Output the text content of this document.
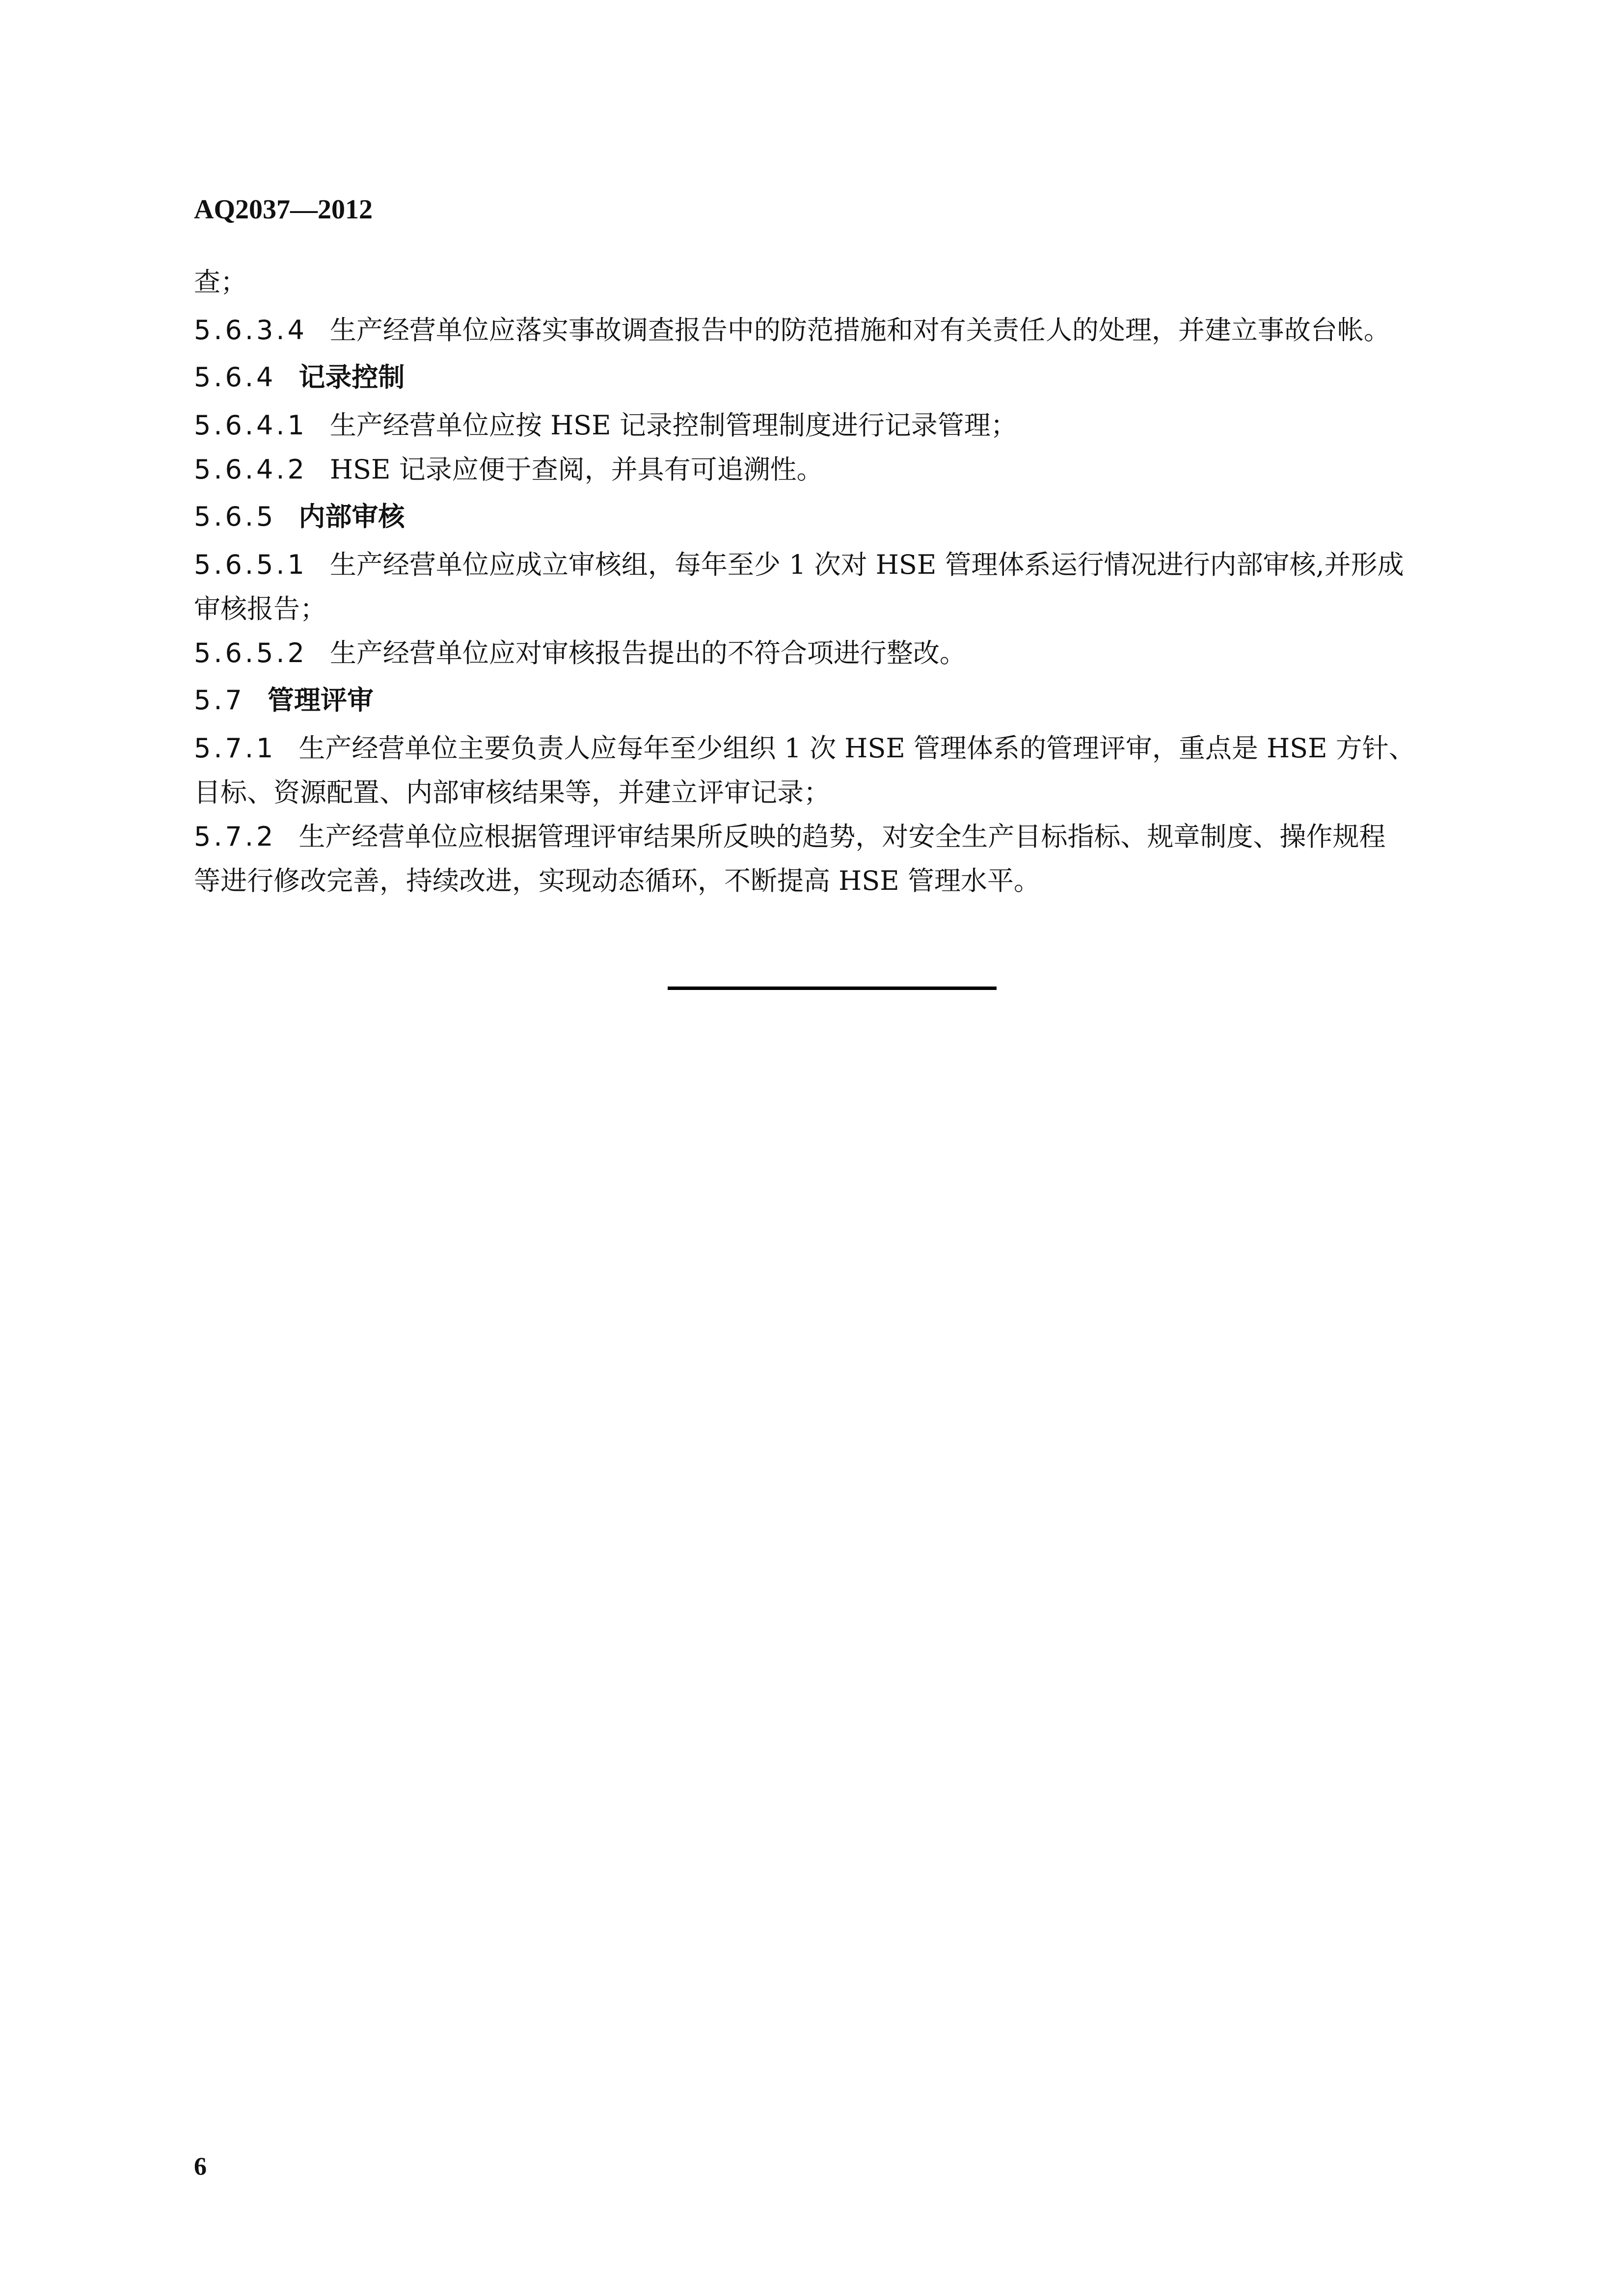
AQ2037—2012
查；
5.6.3.4 生产经营单位应落实事故调查报告中的防范措施和对有关责任人的处理，并建立事故台帐。
5.6.4 记录控制
5.6.4.1 生产经营单位应按 HSE 记录控制管理制度进行记录管理；
5.6.4.2 HSE 记录应便于查阅，并具有可追溯性。
5.6.5 内部审核
5.6.5.1 生产经营单位应成立审核组，每年至少 1 次对 HSE 管理体系运行情况进行内部审核,并形成
审核报告；
5.6.5.2 生产经营单位应对审核报告提出的不符合项进行整改。
5.7 管理评审
5.7.1 生产经营单位主要负责人应每年至少组织 1 次 HSE 管理体系的管理评审，重点是 HSE 方针、
目标、资源配置、内部审核结果等，并建立评审记录；
5.7.2 生产经营单位应根据管理评审结果所反映的趋势，对安全生产目标指标、规章制度、操作规程
等进行修改完善，持续改进，实现动态循环，不断提高 HSE 管理水平。
6
